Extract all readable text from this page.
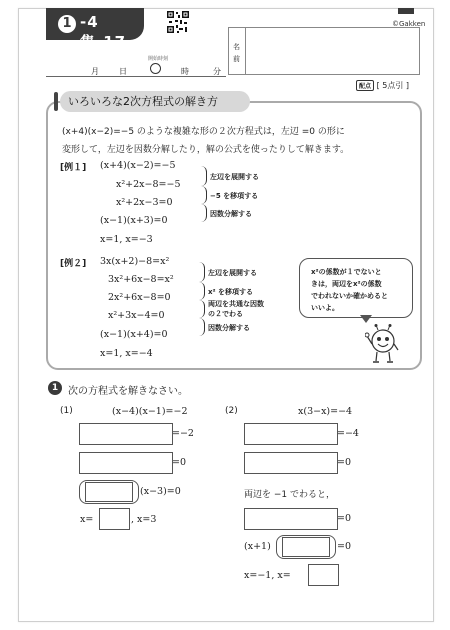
1 -4集-17
©Gakken
開始時刻
月	日	時	分
名
前
配点 [ 5点引 ]
いろいろな2次方程式の解き方
(x+4)(x−2)=−5 のような複雑な形の２次方程式は，左辺 =0 の形に
変形して，左辺を因数分解したり，解の公式を使ったりして解きます。
[例１] (x+4)(x−2)=−5
x²+2x−8=−5
x²+2x−3=0
(x−1)(x+3)=0
x=1, x=−3
左辺を展開する
−5 を移項する
因数分解する
[例２] 3x(x+2)−8=x²
3x²+6x−8=x²
2x²+6x−8=0
x²+3x−4=0
(x−1)(x+4)=0
x=1, x=−4
左辺を展開する
x² を移項する
両辺を共通な因数
の２でわる
因数分解する
x²の係数が１でないと
きは，両辺をx²の係数
でわれないか確かめると
いいよ。
1 次の方程式を解きなさい。
(1)	(x−4)(x−1)=−2
=−2
=0
(x−3)=0
x=	, x=3
(2)	x(3−x)=−4
=−4
=0
両辺を −1 でわると，
=0
(x+1)	=0
x=−1, x=
